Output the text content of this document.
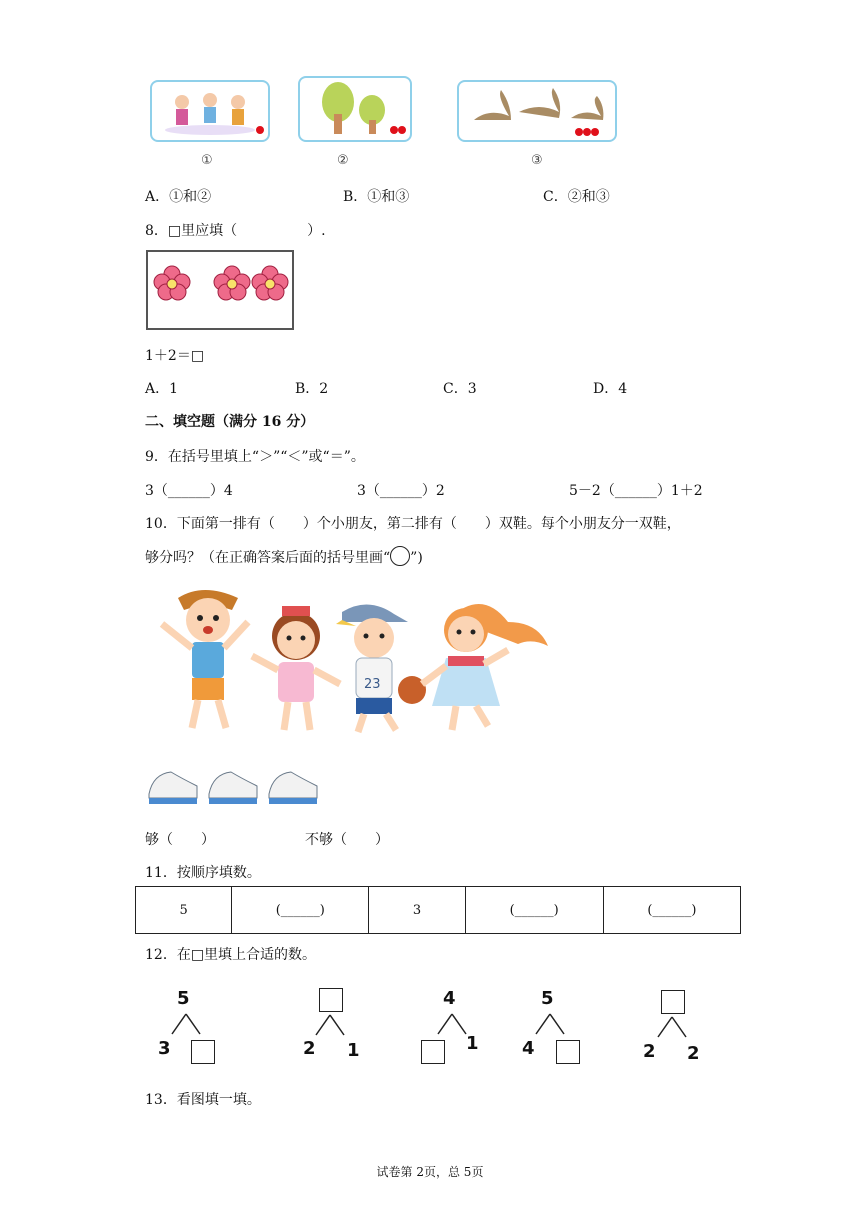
①	②	③
A．①和②	B．①和③	C．②和③
8．□里应填（　　　　　）.
1＋2＝□
A．1	B．2	C．3	D．4
二、填空题（满分 16 分）
9．在括号里填上“＞”“＜”或“＝”。
3（______）4	3（______）2	5－2（______）1＋2
10．下面第一排有（　　）个小朋友，第二排有（　　）双鞋。每个小朋友分一双鞋，
够分吗？（在正确答案后面的括号里画“ ”)
23
够（　　）	不够（　　）
11．按顺序填数。
5	(______)	3	(______)	(______)
12．在□里填上合适的数。
5
3	2 1
4
1
5
4	2 2
13．看图填一填。
试卷第 2页，总 5页
